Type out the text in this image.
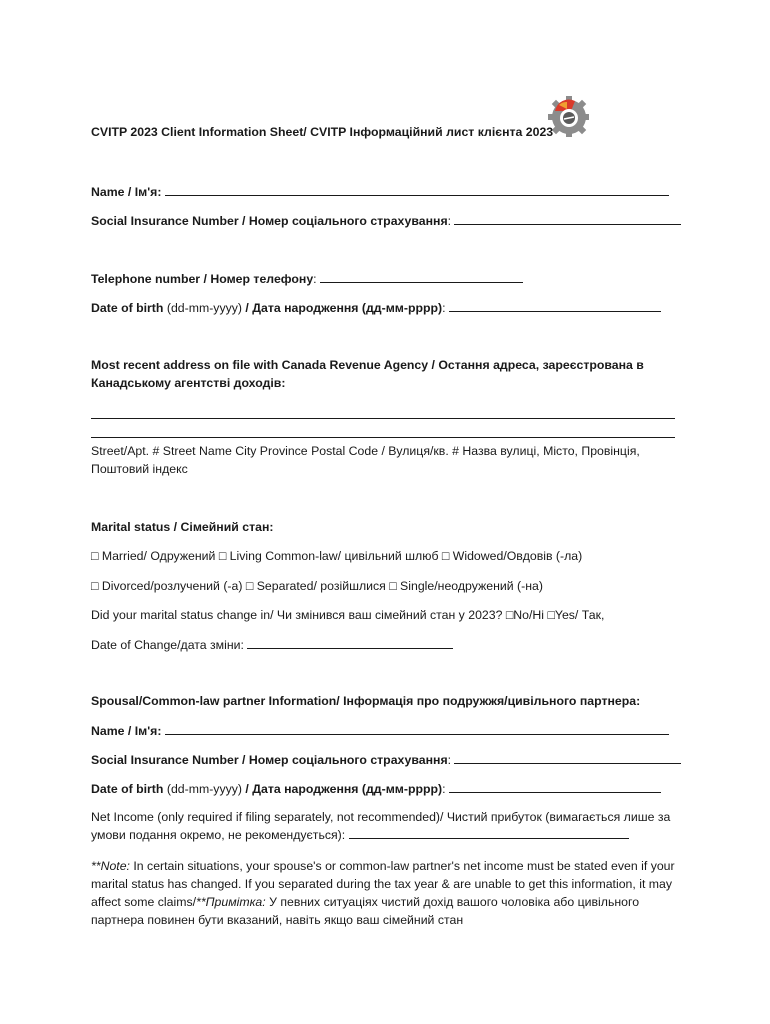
CVITP 2023 Client Information Sheet/ CVITP Інформаційний лист клієнта 2023
Name / Ім'я:
Social Insurance Number / Номер соціального страхування:
Telephone number / Номер телефону:
Date of birth (dd-mm-yyyy) / Дата народження (дд-мм-рррр):
Most recent address on file with Canada Revenue Agency / Остання адреса, зареєстрована в Канадському агентстві доходів:
Street/Apt. # Street Name City Province Postal Code / Вулиця/кв. # Назва вулиці, Місто, Провінція, Поштовий індекс
Marital status / Сімейний стан:
□ Married/ Одружений □ Living Common-law/ цивільний шлюб □ Widowed/Овдовів (-ла)
□ Divorced/розлучений (-а) □ Separated/ розійшлися □ Single/неодружений (-на)
Did your marital status change in/ Чи змінився ваш сімейний стан у 2023? □No/Ні □Yes/ Так,
Date of Change/дата зміни:
Spousal/Common-law partner Information/ Інформація про подружжя/цивільного партнера:
Name / Ім'я:
Social Insurance Number / Номер соціального страхування:
Date of birth (dd-mm-yyyy) / Дата народження (дд-мм-рррр):
Net Income (only required if filing separately, not recommended)/ Чистий прибуток (вимагається лише за умови подання окремо, не рекомендується):
**Note: In certain situations, your spouse's or common-law partner's net income must be stated even if your marital status has changed. If you separated during the tax year & are unable to get this information, it may affect some claims/**Примітка: У певних ситуаціях чистий дохід вашого чоловіка або цивільного партнера повинен бути вказаний, навіть якщо ваш сімейний стан
